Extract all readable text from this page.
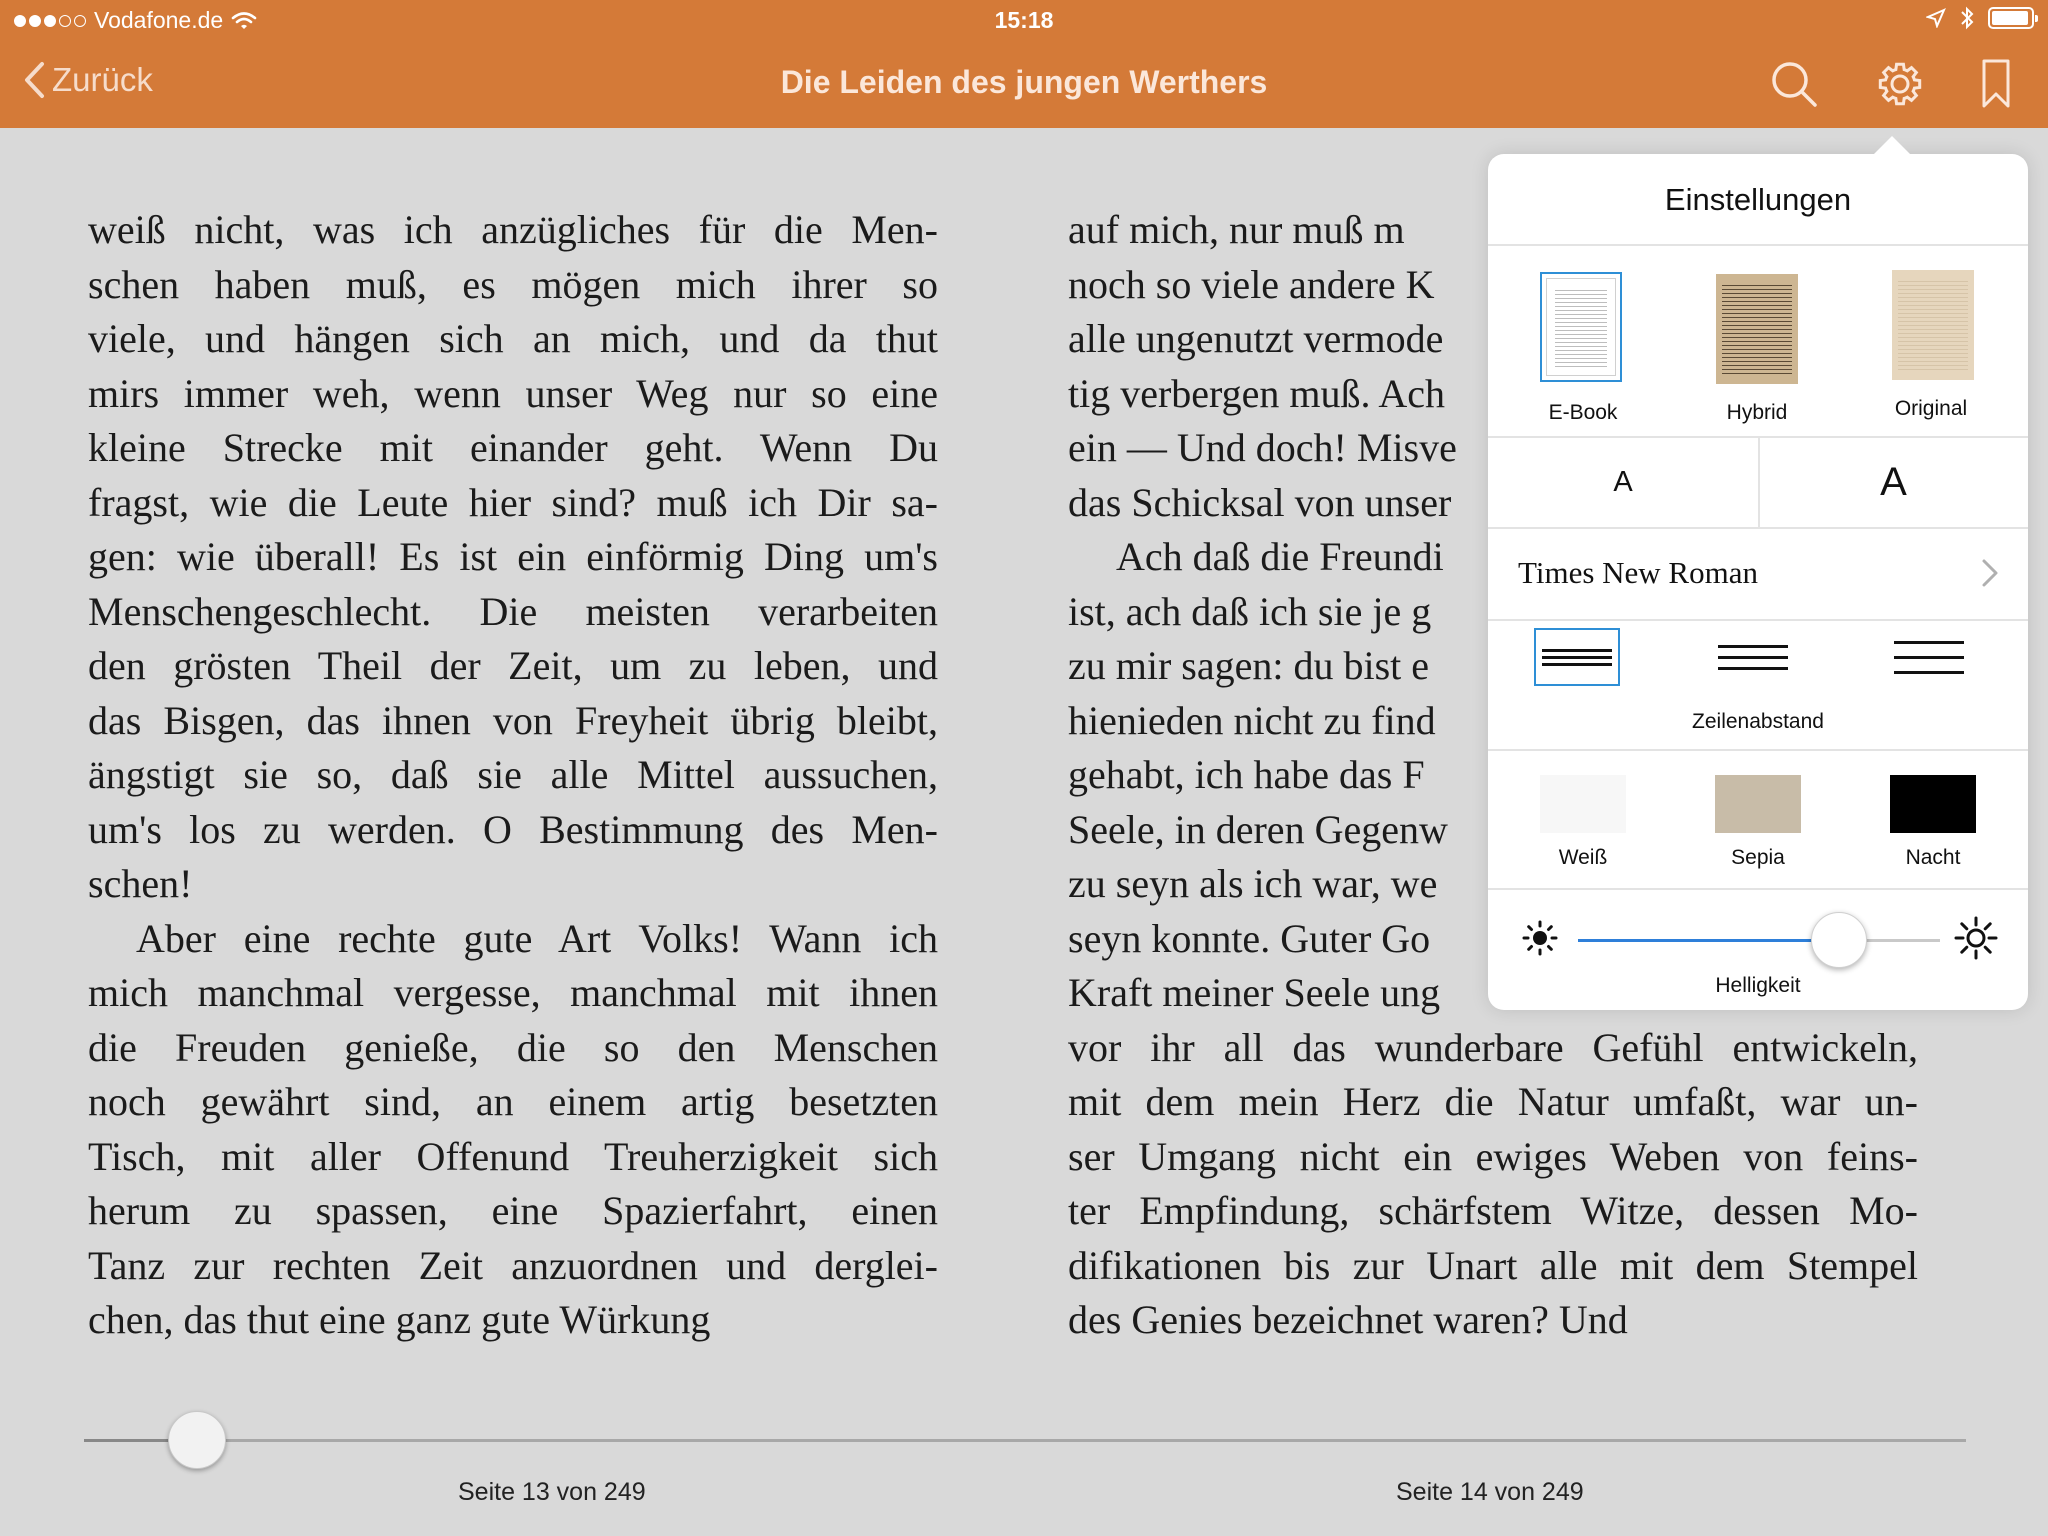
Vodafone.de	15:18
Zurück	Die Leiden des jungen Werthers
weiß nicht, was ich anzügliches für die Men-
schen haben muß, es mögen mich ihrer so
viele, und hängen sich an mich, und da thut
mirs immer weh, wenn unser Weg nur so eine
kleine Strecke mit einander geht. Wenn Du
fragst, wie die Leute hier sind? muß ich Dir sa-
gen: wie überall! Es ist ein einförmig Ding um's
Menschengeschlecht. Die meisten verarbeiten
den grösten Theil der Zeit, um zu leben, und
das Bisgen, das ihnen von Freyheit übrig bleibt,
ängstigt sie so, daß sie alle Mittel aussuchen,
um's los zu werden. O Bestimmung des Men-
schen!
Aber eine rechte gute Art Volks! Wann ich
mich manchmal vergesse, manchmal mit ihnen
die Freuden genieße, die so den Menschen
noch gewährt sind, an einem artig besetzten
Tisch, mit aller Offenund Treuherzigkeit sich
herum zu spassen, eine Spazierfahrt, einen
Tanz zur rechten Zeit anzuordnen und derglei-
chen, das thut eine ganz gute Würkung
auf mich, nur muß m
noch so viele andere K
alle ungenutzt vermode
tig verbergen muß. Ach
ein — Und doch! Misve
das Schicksal von unser
Ach daß die Freundi
ist, ach daß ich sie je g
zu mir sagen: du bist e
hienieden nicht zu find
gehabt, ich habe das F
Seele, in deren Gegenw
zu seyn als ich war, we
seyn konnte. Guter Go
Kraft meiner Seele ung
vor ihr all das wunderbare Gefühl entwickeln,
mit dem mein Herz die Natur umfaßt, war un-
ser Umgang nicht ein ewiges Weben von feins-
ter Empfindung, schärfstem Witze, dessen Mo-
difikationen bis zur Unart alle mit dem Stempel
des Genies bezeichnet waren? Und
Seite 13 von 249	Seite 14 von 249
Einstellungen
E-Book	Hybrid	Original
A	A
Times New Roman
Zeilenabstand
Weiß	Sepia	Nacht
Helligkeit
